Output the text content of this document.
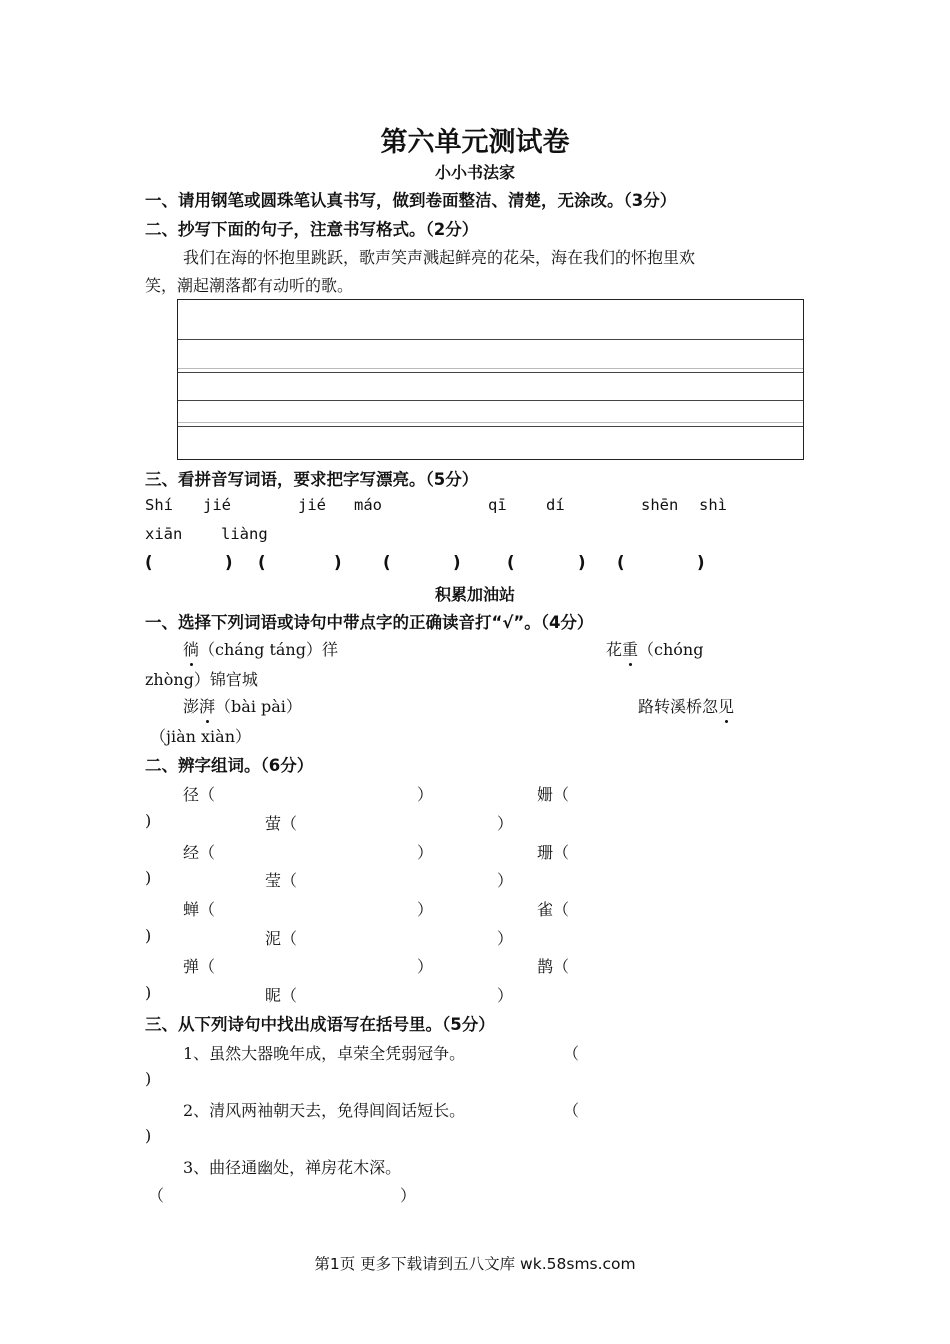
第六单元测试卷
小小书法家
一、请用钢笔或圆珠笔认真书写，做到卷面整洁、清楚，无涂改。（3分）
二、抄写下面的句子，注意书写格式。（2分）
我们在海的怀抱里跳跃，歌声笑声溅起鲜亮的花朵，海在我们的怀抱里欢
笑，潮起潮落都有动听的歌。
三、看拼音写词语，要求把字写漂亮。（5分）
Shí jié	jié máo	qī	dí	shēn shì
xiān liàng
(	) (	)	(	)	(	) (	)
积累加油站
一、选择下列词语或诗句中带点字的正确读音打“√”。（4分）
徜（cháng táng）徉	花重（chóng
zhòng）锦官城
澎湃（bài pài）	路转溪桥忽见
（jiàn xiàn）
二、辨字组词。（6分）
径（	）	姗（
)	萤（	）
经（	）	珊（
)	莹（	）
蝉（	）	雀（
)	泥（	）
弹（	）	鹊（
)	昵（	）
三、从下列诗句中找出成语写在括号里。（5分）
1、虽然大器晚年成，卓荣全凭弱冠争。	（
)
2、清风两袖朝天去，免得闾阎话短长。	（
)
3、曲径通幽处，禅房花木深。
（	）
第1页 更多下载请到五八文库 wk.58sms.com
